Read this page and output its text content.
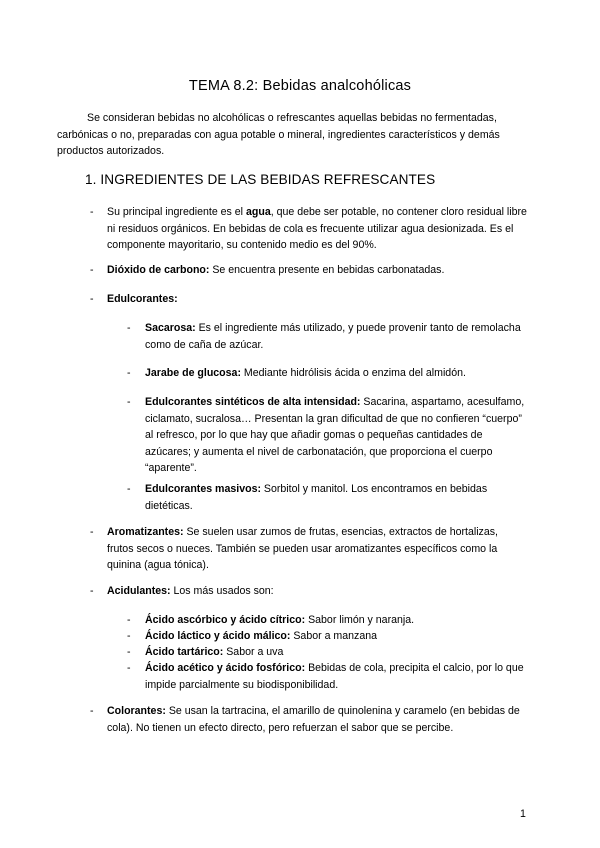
TEMA 8.2: Bebidas analcohólicas

Se consideran bebidas no alcohólicas o refrescantes aquellas bebidas no fermentadas, carbónicas o no, preparadas con agua potable o mineral, ingredientes característicos y demás productos autorizados.

1. INGREDIENTES DE LAS BEBIDAS REFRESCANTES
- Su principal ingrediente es el agua, que debe ser potable, no contener cloro residual libre ni residuos orgánicos. En bebidas de cola es frecuente utilizar agua desionizada. Es el componente mayoritario, su contenido medio es del 90%.
- Dióxido de carbono: Se encuentra presente en bebidas carbonatadas.
- Edulcorantes:
- Sacarosa: Es el ingrediente más utilizado, y puede provenir tanto de remolacha como de caña de azúcar.
- Jarabe de glucosa: Mediante hidrólisis ácida o enzima del almidón.
- Edulcorantes sintéticos de alta intensidad: Sacarina, aspartamo, acesulfamo, ciclamato, sucralosa… Presentan la gran dificultad de que no confieren “cuerpo” al refresco, por lo que hay que añadir gomas o pequeñas cantidades de azúcares; y aumenta el nivel de carbonatación, que proporciona el cuerpo “aparente”.
- Edulcorantes masivos: Sorbitol y manitol. Los encontramos en bebidas dietéticas.
- Aromatizantes: Se suelen usar zumos de frutas, esencias, extractos de hortalizas, frutos secos o nueces. También se pueden usar aromatizantes específicos como la quinina (agua tónica).
- Acidulantes: Los más usados son:
- Ácido ascórbico y ácido cítrico: Sabor limón y naranja.
- Ácido láctico y ácido málico: Sabor a manzana
- Ácido tartárico: Sabor a uva
- Ácido acético y ácido fosfórico: Bebidas de cola, precipita el calcio, por lo que impide parcialmente su biodisponibilidad.
- Colorantes: Se usan la tartracina, el amarillo de quinolenina y caramelo (en bebidas de cola). No tienen un efecto directo, pero refuerzan el sabor que se percibe.
1
